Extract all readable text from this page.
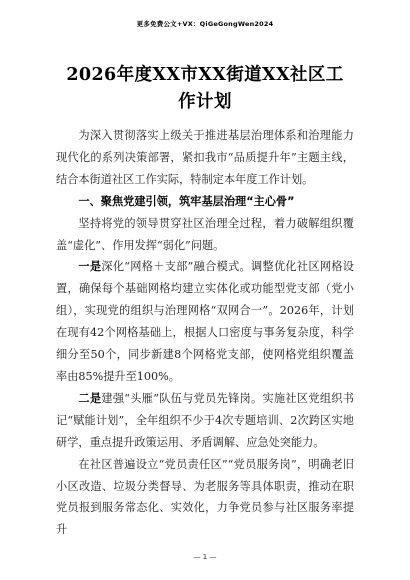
更多免费公文+VX：QiGeGongWen2024
2026年度XX市XX街道XX社区工作计划

为深入贯彻落实上级关于推进基层治理体系和治理能力现代化的系列决策部署，紧扣我市“品质提升年”主题主线，结合本街道社区工作实际，特制定本年度工作计划。

一、聚焦党建引领，筑牢基层治理“主心骨”

坚持将党的领导贯穿社区治理全过程，着力破解组织覆盖“虚化”、作用发挥“弱化”问题。

一是深化“网格＋支部”融合模式。调整优化社区网格设置，确保每个基础网格均建立实体化或功能型党支部（党小组），实现党的组织与治理网格“双网合一”。2026年，计划在现有42个网格基础上，根据人口密度与事务复杂度，科学细分至50个，同步新建8个网格党支部，使网格党组织覆盖率由85%提升至100%。

二是建强“头雁”队伍与党员先锋岗。实施社区党组织书记“赋能计划”，全年组织不少于4次专题培训、2次跨区实地研学，重点提升政策运用、矛盾调解、应急处突能力。

在社区普遍设立“党员责任区”“党员服务岗”，明确老旧小区改造、垃圾分类督导、为老服务等具体职责，推动在职党员报到服务常态化、实效化，力争党员参与社区服务率提升

— 1 —
